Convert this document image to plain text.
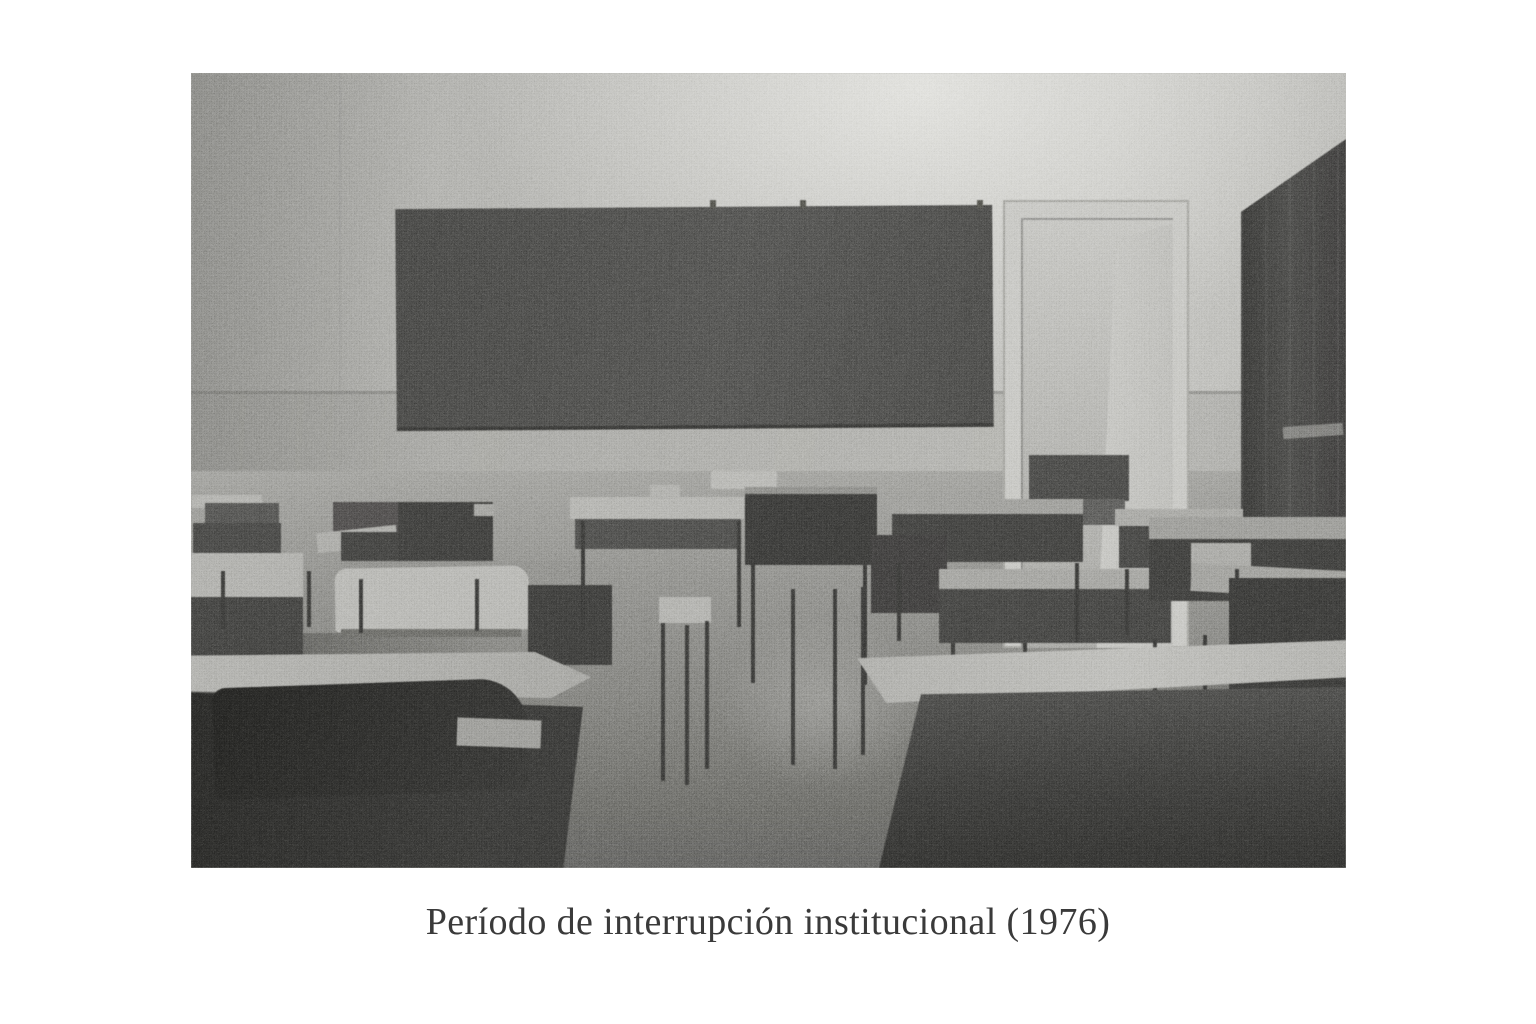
Período de interrupción institucional (1976)
